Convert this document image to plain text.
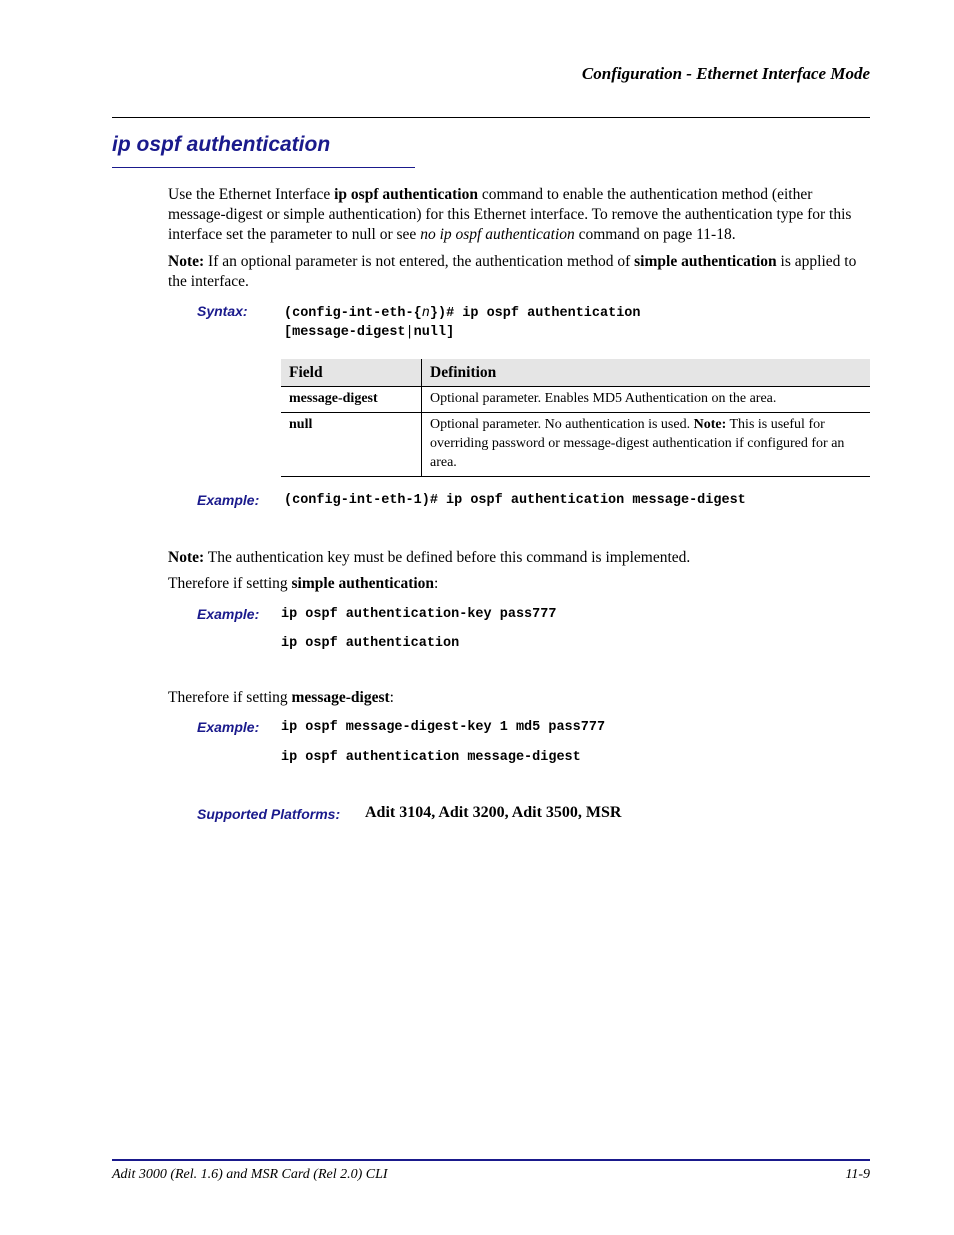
Configuration - Ethernet Interface Mode
ip ospf authentication
Use the Ethernet Interface ip ospf authentication command to enable the authentication method (either message-digest or simple authentication) for this Ethernet interface. To remove the authentication type for this interface set the parameter to null or see no ip ospf authentication command on page 11-18.
Note: If an optional parameter is not entered, the authentication method of simple authentication is applied to the interface.
Syntax:	(config-int-eth-{n})# ip ospf authentication
[message-digest|null]
Field	Definition
message-digest	Optional parameter. Enables MD5 Authentication on the area.
null	Optional parameter. No authentication is used. Note: This is useful for overriding password or message-digest authentication if configured for an area.
Example: (config-int-eth-1)# ip ospf authentication message-digest
Note: The authentication key must be defined before this command is implemented.
Therefore if setting simple authentication:
Example: ip ospf authentication-key pass777
ip ospf authentication
Therefore if setting message-digest:
Example: ip ospf message-digest-key 1 md5 pass777
ip ospf authentication message-digest
Supported Platforms: Adit 3104, Adit 3200, Adit 3500, MSR
Adit 3000 (Rel. 1.6) and MSR Card (Rel 2.0) CLI	11-9
